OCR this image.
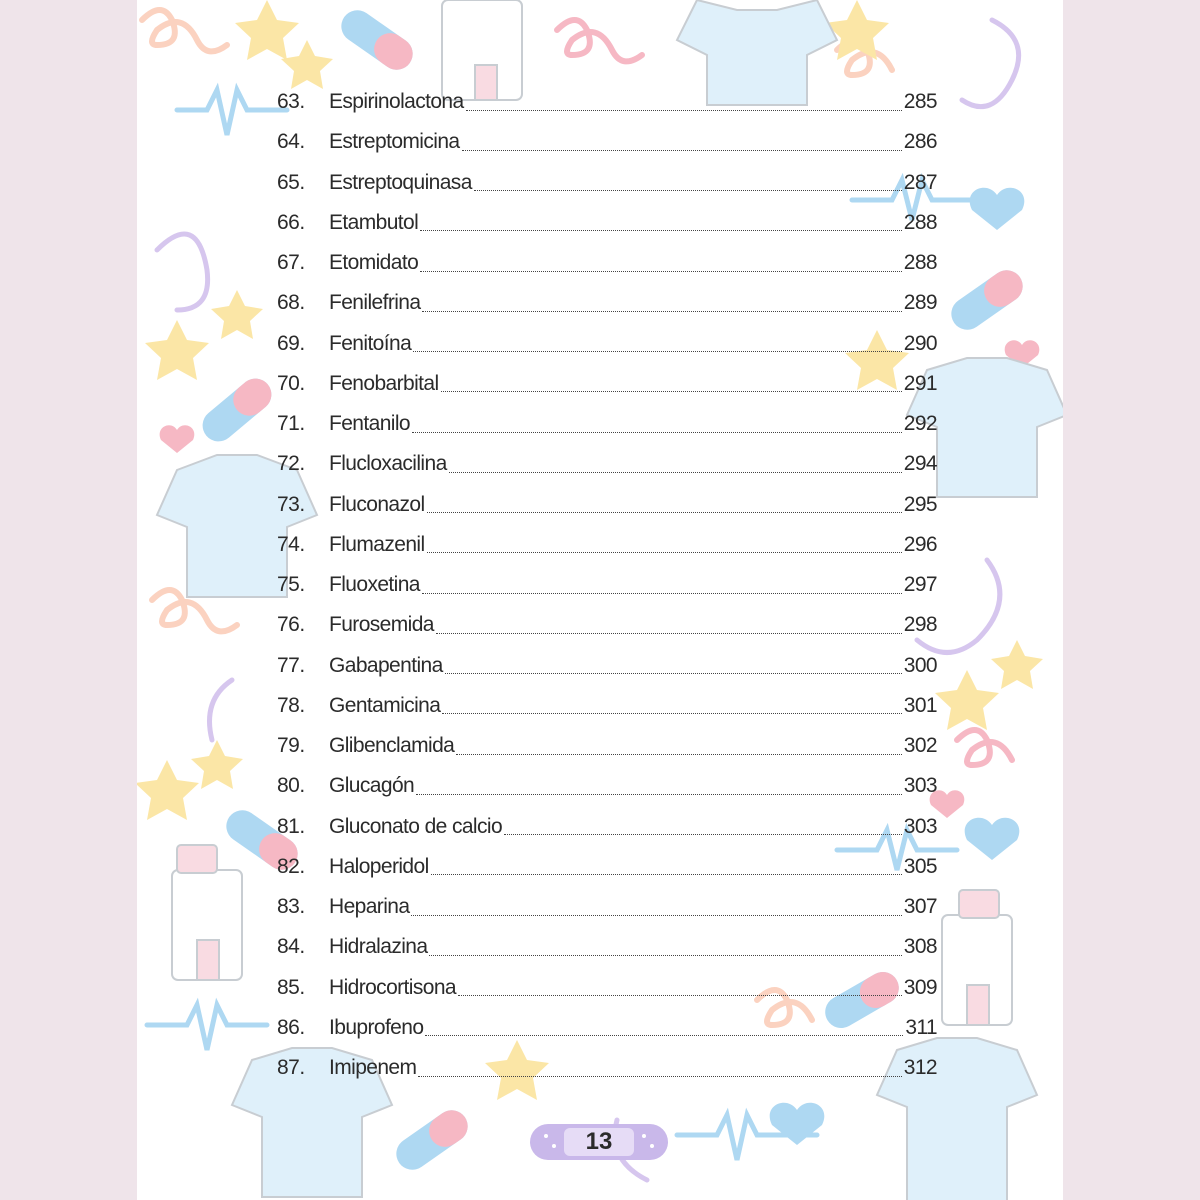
63.	Espirinolactona	285
64.	Estreptomicina	286
65.	Estreptoquinasa	287
66.	Etambutol	288
67.	Etomidato	288
68.	Fenilefrina	289
69.	Fenitoína	290
70.	Fenobarbital	291
71.	Fentanilo	292
72.	Flucloxacilina	294
73.	Fluconazol	295
74.	Flumazenil	296
75.	Fluoxetina	297
76.	Furosemida	298
77.	Gabapentina	300
78.	Gentamicina	301
79.	Glibenclamida	302
80.	Glucagón	303
81.	Gluconato de calcio	303
82.	Haloperidol	305
83.	Heparina	307
84.	Hidralazina	308
85.	Hidrocortisona	309
86.	Ibuprofeno	311
87.	Imipenem	312
13
